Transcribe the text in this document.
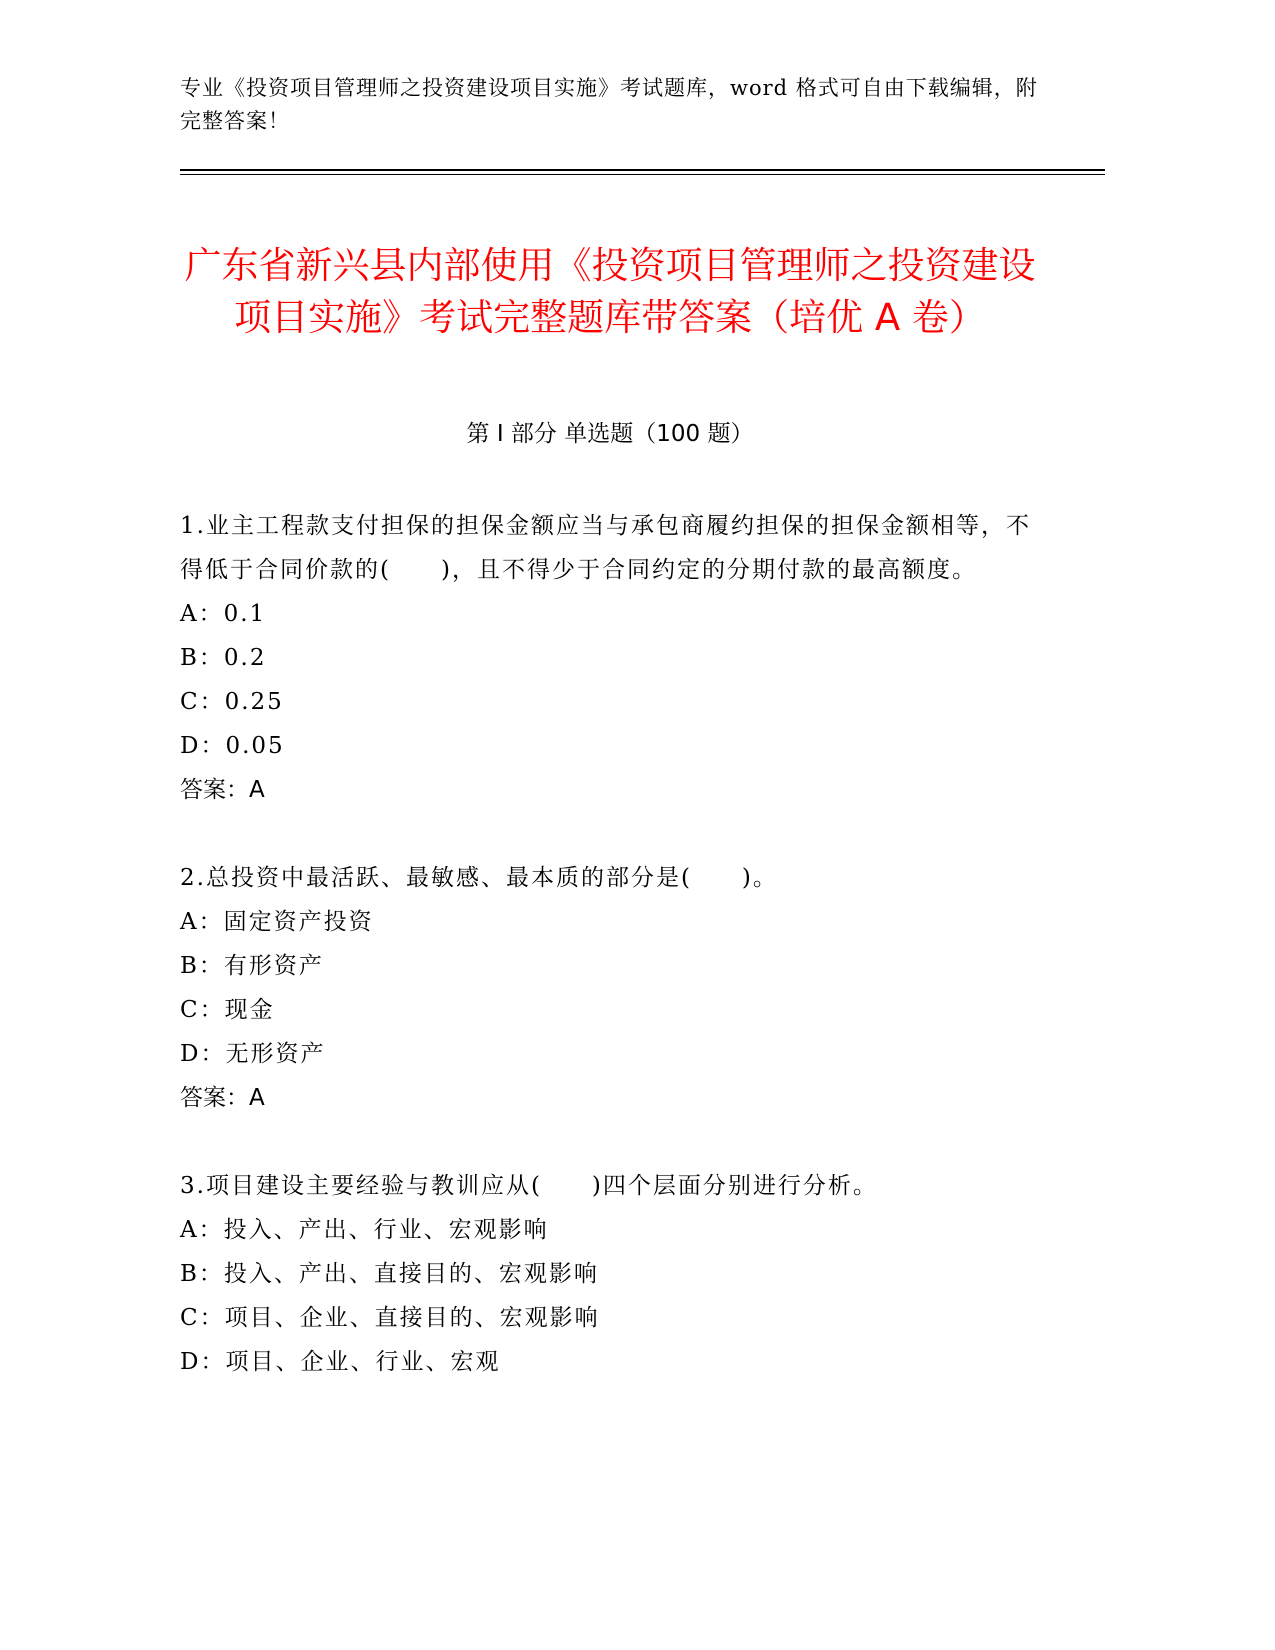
专业《投资项目管理师之投资建设项目实施》考试题库，word 格式可自由下载编辑，附完整答案！
广东省新兴县内部使用《投资项目管理师之投资建设项目实施》考试完整题库带答案（培优 A 卷）
第 I 部分 单选题（100 题）
1.业主工程款支付担保的担保金额应当与承包商履约担保的担保金额相等，不得低于合同价款的(　　)，且不得少于合同约定的分期付款的最高额度。
A：0.1
B：0.2
C：0.25
D：0.05
答案：A
2.总投资中最活跃、最敏感、最本质的部分是(　　)。
A：固定资产投资
B：有形资产
C：现金
D：无形资产
答案：A
3.项目建设主要经验与教训应从(　　)四个层面分别进行分析。
A：投入、产出、行业、宏观影响
B：投入、产出、直接目的、宏观影响
C：项目、企业、直接目的、宏观影响
D：项目、企业、行业、宏观
